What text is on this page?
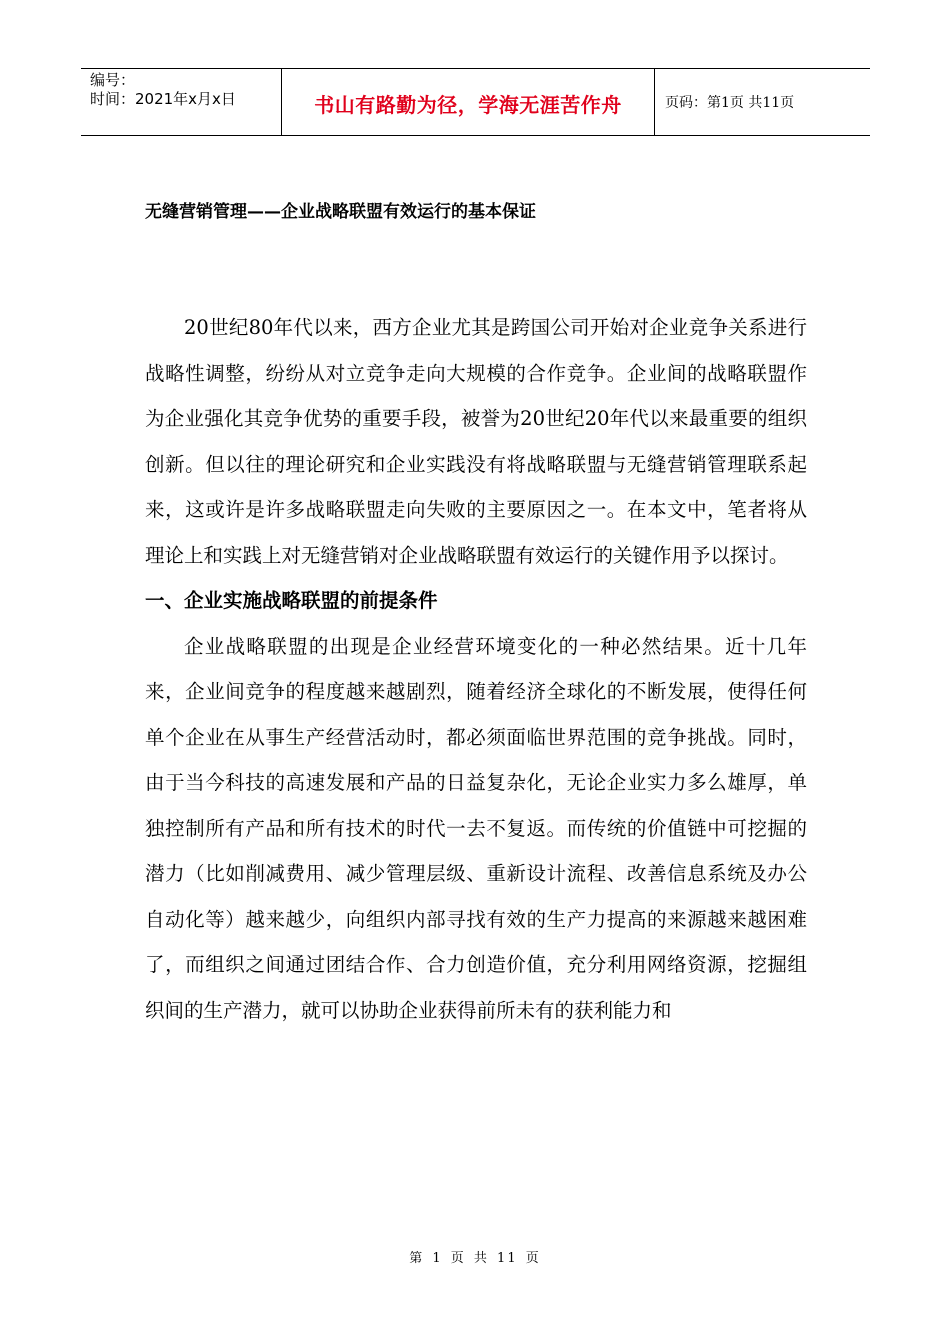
编号：
时间：2021年x月x日	书山有路勤为径，学海无涯苦作舟	页码：第1页 共11页
无缝营销管理——企业战略联盟有效运行的基本保证

20世纪80年代以来，西方企业尤其是跨国公司开始对企业竞争关系进行战略性调整，纷纷从对立竞争走向大规模的合作竞争。企业间的战略联盟作为企业强化其竞争优势的重要手段，被誉为20世纪20年代以来最重要的组织创新。但以往的理论研究和企业实践没有将战略联盟与无缝营销管理联系起来，这或许是许多战略联盟走向失败的主要原因之一。在本文中，笔者将从理论上和实践上对无缝营销对企业战略联盟有效运行的关键作用予以探讨。

一、企业实施战略联盟的前提条件

企业战略联盟的出现是企业经营环境变化的一种必然结果。近十几年来，企业间竞争的程度越来越剧烈，随着经济全球化的不断发展，使得任何单个企业在从事生产经营活动时，都必须面临世界范围的竞争挑战。同时，由于当今科技的高速发展和产品的日益复杂化，无论企业实力多么雄厚，单独控制所有产品和所有技术的时代一去不复返。而传统的价值链中可挖掘的潜力（比如削减费用、减少管理层级、重新设计流程、改善信息系统及办公自动化等）越来越少，向组织内部寻找有效的生产力提高的来源越来越困难了，而组织之间通过团结合作、合力创造价值，充分利用网络资源，挖掘组织间的生产潜力，就可以协助企业获得前所未有的获利能力和

第 1 页 共 11 页
